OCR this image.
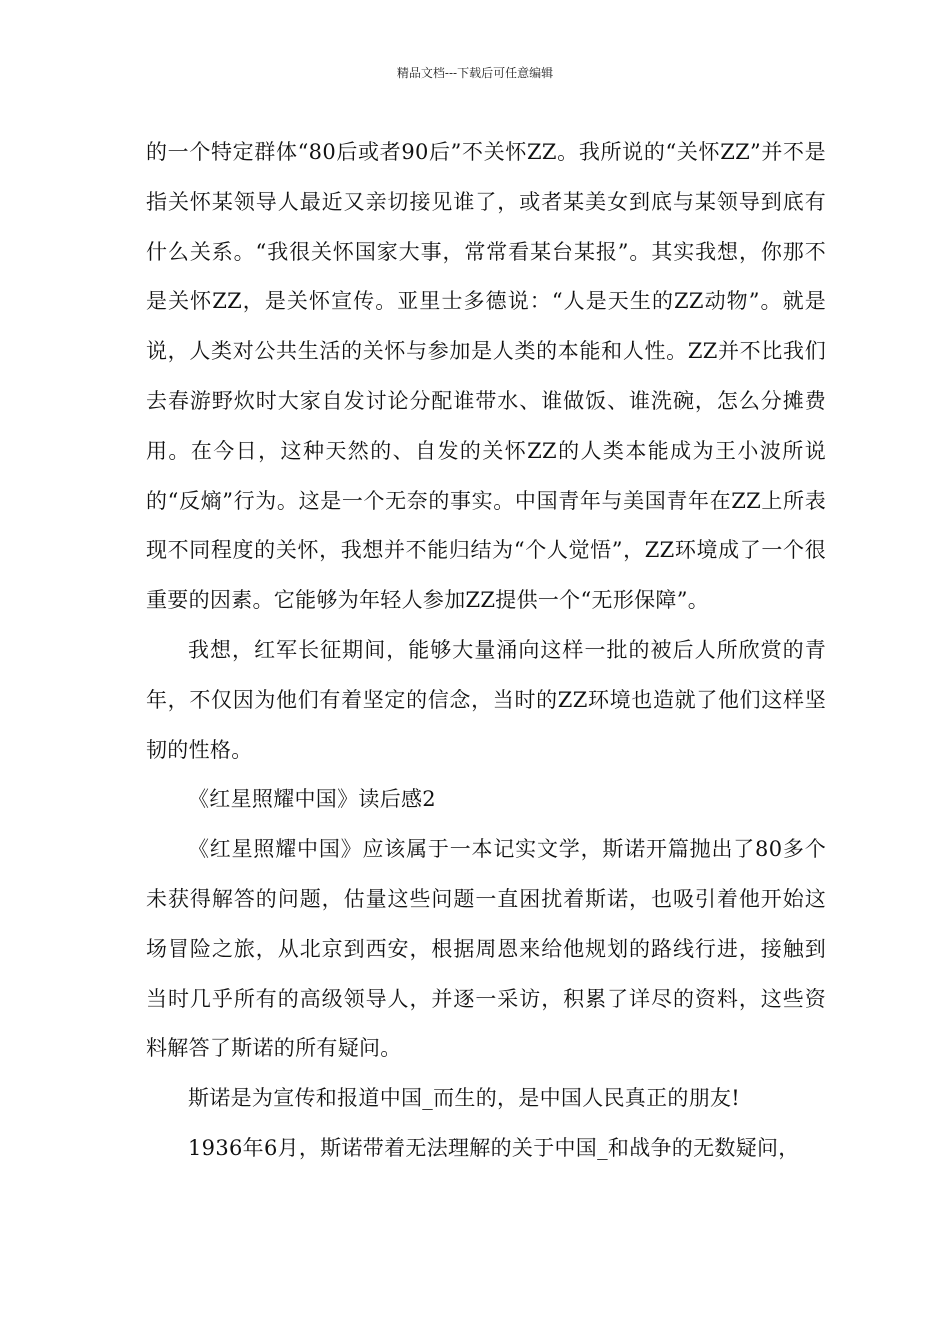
精品文档---下载后可任意编辑

的一个特定群体“80后或者90后”不关怀ZZ。我所说的“关怀ZZ”并不是指关怀某领导人最近又亲切接见谁了，或者某美女到底与某领导到底有什么关系。“我很关怀国家大事，常常看某台某报”。其实我想，你那不是关怀ZZ，是关怀宣传。亚里士多德说：“人是天生的ZZ动物”。就是说，人类对公共生活的关怀与参加是人类的本能和人性。ZZ并不比我们去春游野炊时大家自发讨论分配谁带水、谁做饭、谁洗碗，怎么分摊费用。在今日，这种天然的、自发的关怀ZZ的人类本能成为王小波所说的“反熵”行为。这是一个无奈的事实。中国青年与美国青年在ZZ上所表现不同程度的关怀，我想并不能归结为“个人觉悟”，ZZ环境成了一个很重要的因素。它能够为年轻人参加ZZ提供一个“无形保障”。

我想，红军长征期间，能够大量涌向这样一批的被后人所欣赏的青年，不仅因为他们有着坚定的信念，当时的ZZ环境也造就了他们这样坚韧的性格。

《红星照耀中国》读后感2

《红星照耀中国》应该属于一本记实文学，斯诺开篇抛出了80多个未获得解答的问题，估量这些问题一直困扰着斯诺，也吸引着他开始这场冒险之旅，从北京到西安，根据周恩来给他规划的路线行进，接触到当时几乎所有的高级领导人，并逐一采访，积累了详尽的资料，这些资料解答了斯诺的所有疑问。

斯诺是为宣传和报道中国_而生的，是中国人民真正的朋友!

1936年6月，斯诺带着无法理解的关于中国_和战争的无数疑问，
